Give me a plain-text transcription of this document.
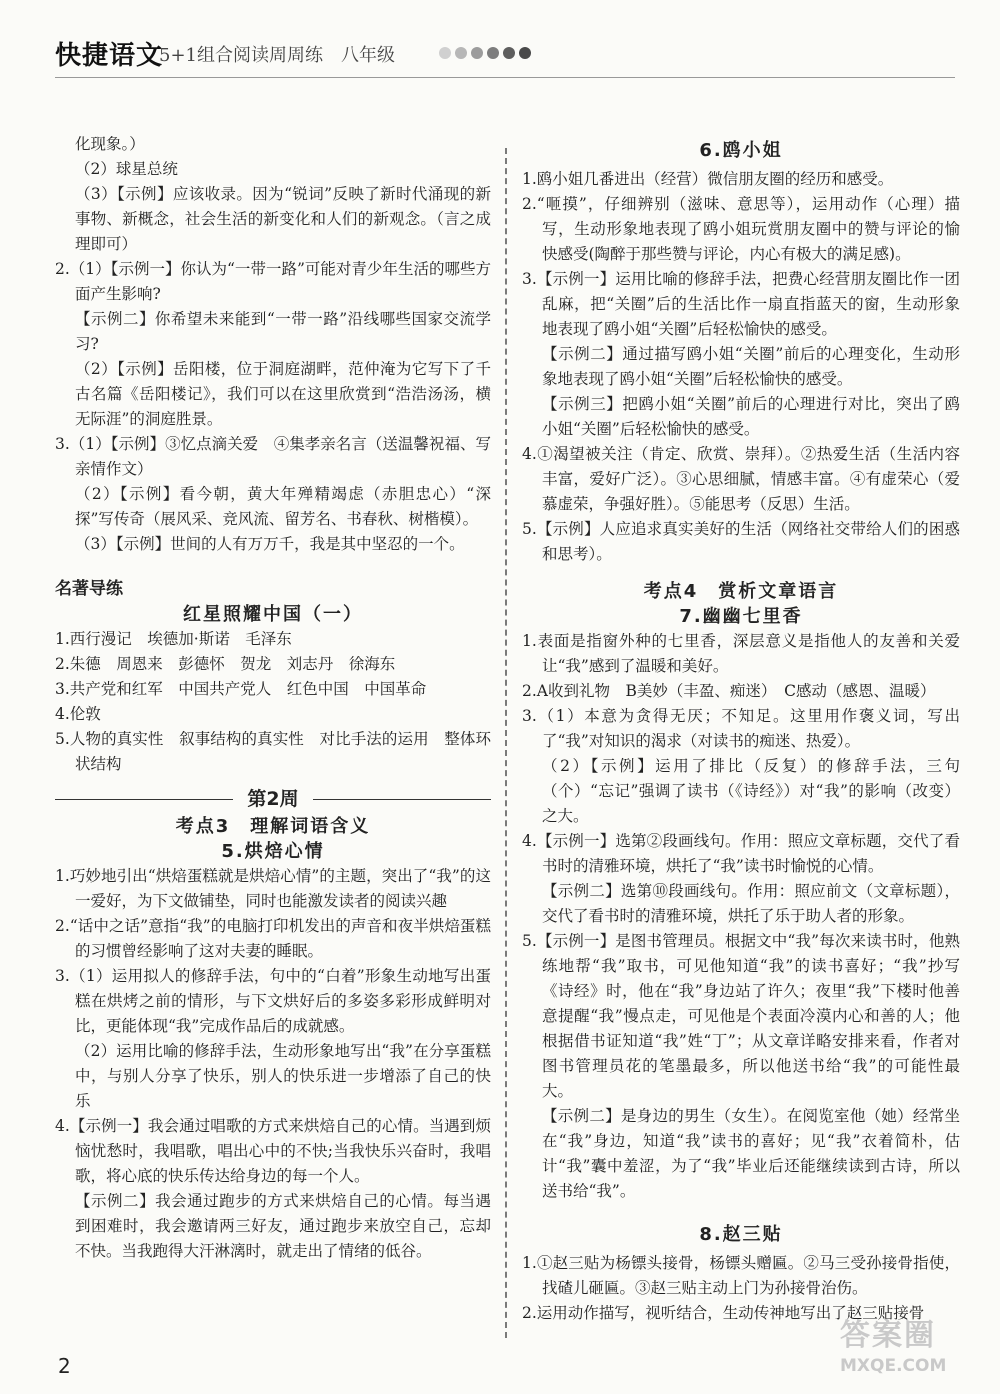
快捷语文
5+1组合阅读周周练　八年级

化现象。）

（2）球星总统

（3）【示例】应该收录。因为“锐词”反映了新时代涌现的新事物、新概念，社会生活的新变化和人们的新观念。（言之成理即可）

2.（1）【示例一】你认为“一带一路”可能对青少年生活的哪些方面产生影响?

【示例二】你希望未来能到“一带一路”沿线哪些国家交流学习?

（2）【示例】岳阳楼，位于洞庭湖畔，范仲淹为它写下了千古名篇《岳阳楼记》，我们可以在这里欣赏到“浩浩汤汤，横无际涯”的洞庭胜景。

3.（1）【示例】③忆点滴关爱　④集孝亲名言（送温馨祝福、写亲情作文）

（2）【示例】看今朝，黄大年殚精竭虑（赤胆忠心）“深探”写传奇（展风采、竞风流、留芳名、书春秋、树楷模）。

（3）【示例】世间的人有万万千，我是其中坚忍的一个。

名著导练

红星照耀中国（一）

1.西行漫记　埃德加·斯诺　毛泽东

2.朱德　周恩来　彭德怀　贺龙　刘志丹　徐海东

3.共产党和红军　中国共产党人　红色中国　中国革命

4.伦敦

5.人物的真实性　叙事结构的真实性　对比手法的运用　整体环状结构

第2周

考点3　理解词语含义

5.烘焙心情

1.巧妙地引出“烘焙蛋糕就是烘焙心情”的主题，突出了“我”的这一爱好，为下文做铺垫，同时也能激发读者的阅读兴趣

2.“话中之话”意指“我”的电脑打印机发出的声音和夜半烘焙蛋糕的习惯曾经影响了这对夫妻的睡眠。

3.（1）运用拟人的修辞手法，句中的“白着”形象生动地写出蛋糕在烘烤之前的情形，与下文烘好后的多姿多彩形成鲜明对比，更能体现“我”完成作品后的成就感。

（2）运用比喻的修辞手法，生动形象地写出“我”在分享蛋糕中，与别人分享了快乐，别人的快乐进一步增添了自己的快乐

4.【示例一】我会通过唱歌的方式来烘焙自己的心情。当遇到烦恼忧愁时，我唱歌，唱出心中的不快;当我快乐兴奋时，我唱歌，将心底的快乐传达给身边的每一个人。

【示例二】我会通过跑步的方式来烘焙自己的心情。每当遇到困难时，我会邀请两三好友，通过跑步来放空自己，忘却不快。当我跑得大汗淋漓时，就走出了情绪的低谷。

6.鸥小姐

1.鸥小姐几番进出（经营）微信朋友圈的经历和感受。

2.“咂摸”，仔细辨别（滋味、意思等），运用动作（心理）描写，生动形象地表现了鸥小姐玩赏朋友圈中的赞与评论的愉快感受(陶醉于那些赞与评论，内心有极大的满足感)。

3.【示例一】运用比喻的修辞手法，把费心经营朋友圈比作一团乱麻，把“关圈”后的生活比作一扇直指蓝天的窗，生动形象地表现了鸥小姐“关圈”后轻松愉快的感受。

【示例二】通过描写鸥小姐“关圈”前后的心理变化，生动形象地表现了鸥小姐“关圈”后轻松愉快的感受。

【示例三】把鸥小姐“关圈”前后的心理进行对比，突出了鸥小姐“关圈”后轻松愉快的感受。

4.①渴望被关注（肯定、欣赏、崇拜）。②热爱生活（生活内容丰富，爱好广泛）。③心思细腻，情感丰富。④有虚荣心（爱慕虚荣，争强好胜）。⑤能思考（反思）生活。

5.【示例】人应追求真实美好的生活（网络社交带给人们的困惑和思考）。

考点4　赏析文章语言

7.幽幽七里香

1.表面是指窗外种的七里香，深层意义是指他人的友善和关爱让“我”感到了温暖和美好。

2.A收到礼物　B美妙（丰盈、痴迷）　C感动（感恩、温暖）

3.（1）本意为贪得无厌；不知足。这里用作褒义词，写出了“我”对知识的渴求（对读书的痴迷、热爱）。

（2）【示例】运用了排比（反复）的修辞手法，三句（个）“忘记”强调了读书（《诗经》）对“我”的影响（改变）之大。

4.【示例一】选第②段画线句。作用：照应文章标题，交代了看书时的清雅环境，烘托了“我”读书时愉悦的心情。

【示例二】选第⑩段画线句。作用：照应前文（文章标题），交代了看书时的清雅环境，烘托了乐于助人者的形象。

5.【示例一】是图书管理员。根据文中“我”每次来读书时，他熟练地帮“我”取书，可见他知道“我”的读书喜好；“我”抄写《诗经》时，他在“我”身边站了许久；夜里“我”下楼时他善意提醒“我”慢点走，可见他是个表面冷漠内心和善的人；他根据借书证知道“我”姓“丁”；从文章详略安排来看，作者对图书管理员花的笔墨最多，所以他送书给“我”的可能性最大。

【示例二】是身边的男生（女生）。在阅览室他（她）经常坐在“我”身边，知道“我”读书的喜好；见“我”衣着简朴，估计“我”囊中羞涩，为了“我”毕业后还能继续读到古诗，所以送书给“我”。

8.赵三贴

1.①赵三贴为杨镖头接骨，杨镖头赠匾。②马三受孙接骨指使，找碴儿砸匾。③赵三贴主动上门为孙接骨治伤。

2.运用动作描写，视听结合，生动传神地写出了赵三贴接骨

2
答案圈
MXQE.COM
